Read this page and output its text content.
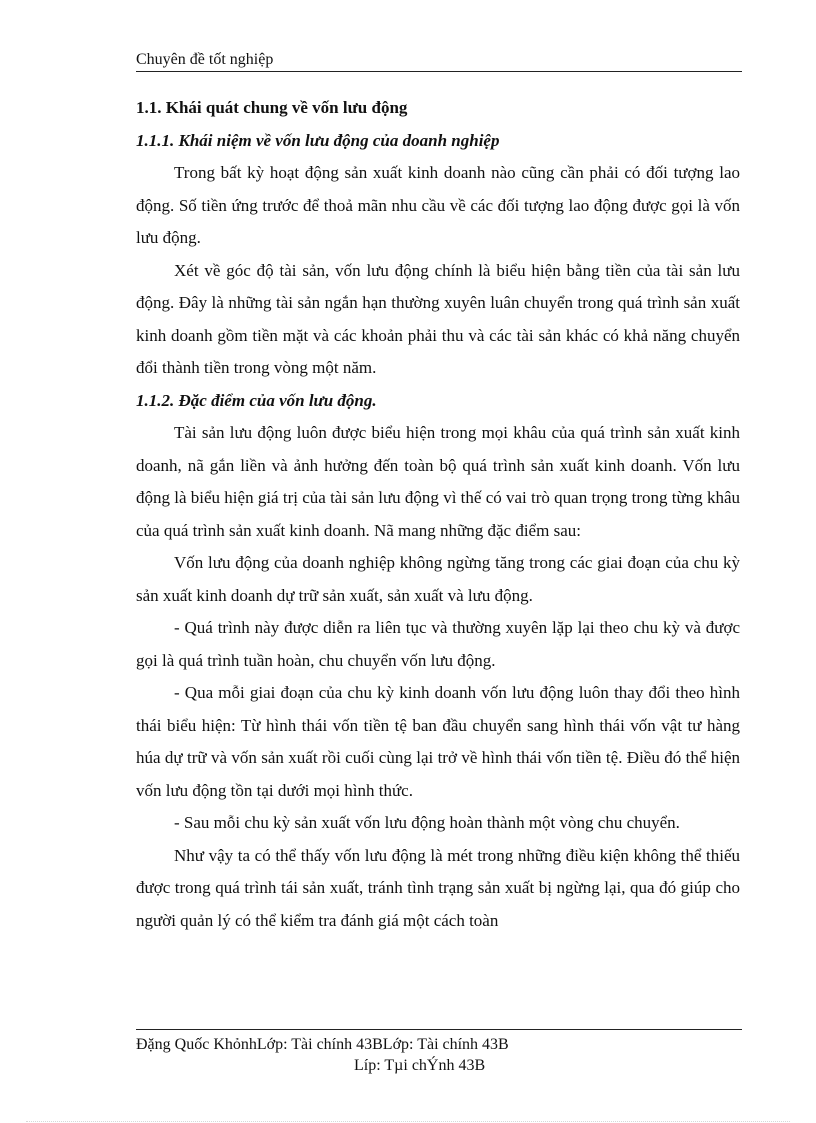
Chuyên đề tốt nghiệp

1.1. Khái quát chung về vốn lưu động

1.1.1. Khái niệm về vốn lưu động của doanh nghiệp

Trong bất kỳ hoạt động sản xuất kinh doanh nào cũng cần phải có đối tượng lao động. Số tiền ứng trước để thoả mãn nhu cầu về các đối tượng lao động được gọi là vốn lưu động.

Xét về góc độ tài sản, vốn lưu động chính là biểu hiện bằng tiền của tài sản lưu động. Đây là những tài sản ngắn hạn thường xuyên luân chuyển trong quá trình sản xuất kinh doanh gồm tiền mặt và các khoản phải thu và các tài sản khác có khả năng chuyển đổi thành tiền trong vòng một năm.

1.1.2. Đặc điểm của vốn lưu động.

Tài sản lưu động luôn được biểu hiện trong mọi khâu của quá trình sản xuất kinh doanh, nã gắn liền và ảnh hưởng đến toàn bộ quá trình sản xuất kinh doanh. Vốn lưu động là biểu hiện giá trị của tài sản lưu động vì thế có vai trò quan trọng trong từng khâu của quá trình sản xuất kinh doanh. Nã mang những đặc điểm sau:

Vốn lưu động của doanh nghiệp không ngừng tăng trong các giai đoạn của chu kỳ sản xuất kinh doanh dự trữ sản xuất, sản xuất và lưu động.

- Quá trình này được diễn ra liên tục và thường xuyên lặp lại theo chu kỳ và được gọi là quá trình tuần hoàn, chu chuyển vốn lưu động.

- Qua mỗi giai đoạn của chu kỳ kinh doanh vốn lưu động luôn thay đổi theo hình thái biểu hiện: Từ hình thái vốn tiền tệ ban đầu chuyển sang hình thái vốn vật tư hàng húa dự trữ và vốn sản xuất rồi cuối cùng lại trở về hình thái vốn tiền tệ. Điều đó thể hiện vốn lưu động tồn tại dưới mọi hình thức.

- Sau mỗi chu kỳ sản xuất vốn lưu động hoàn thành một vòng chu chuyển.

Như vậy ta có thể thấy vốn lưu động là mét trong những điều kiện không thể thiếu được trong quá trình tái sản xuất, tránh tình trạng sản xuất bị ngừng lại, qua đó giúp cho người quản lý có thể kiểm tra đánh giá một cách toàn

Đặng Quốc KhỏnhLớp: Tài chính 43BLớp: Tài chính 43B
Líp: Tµi chÝnh 43B
